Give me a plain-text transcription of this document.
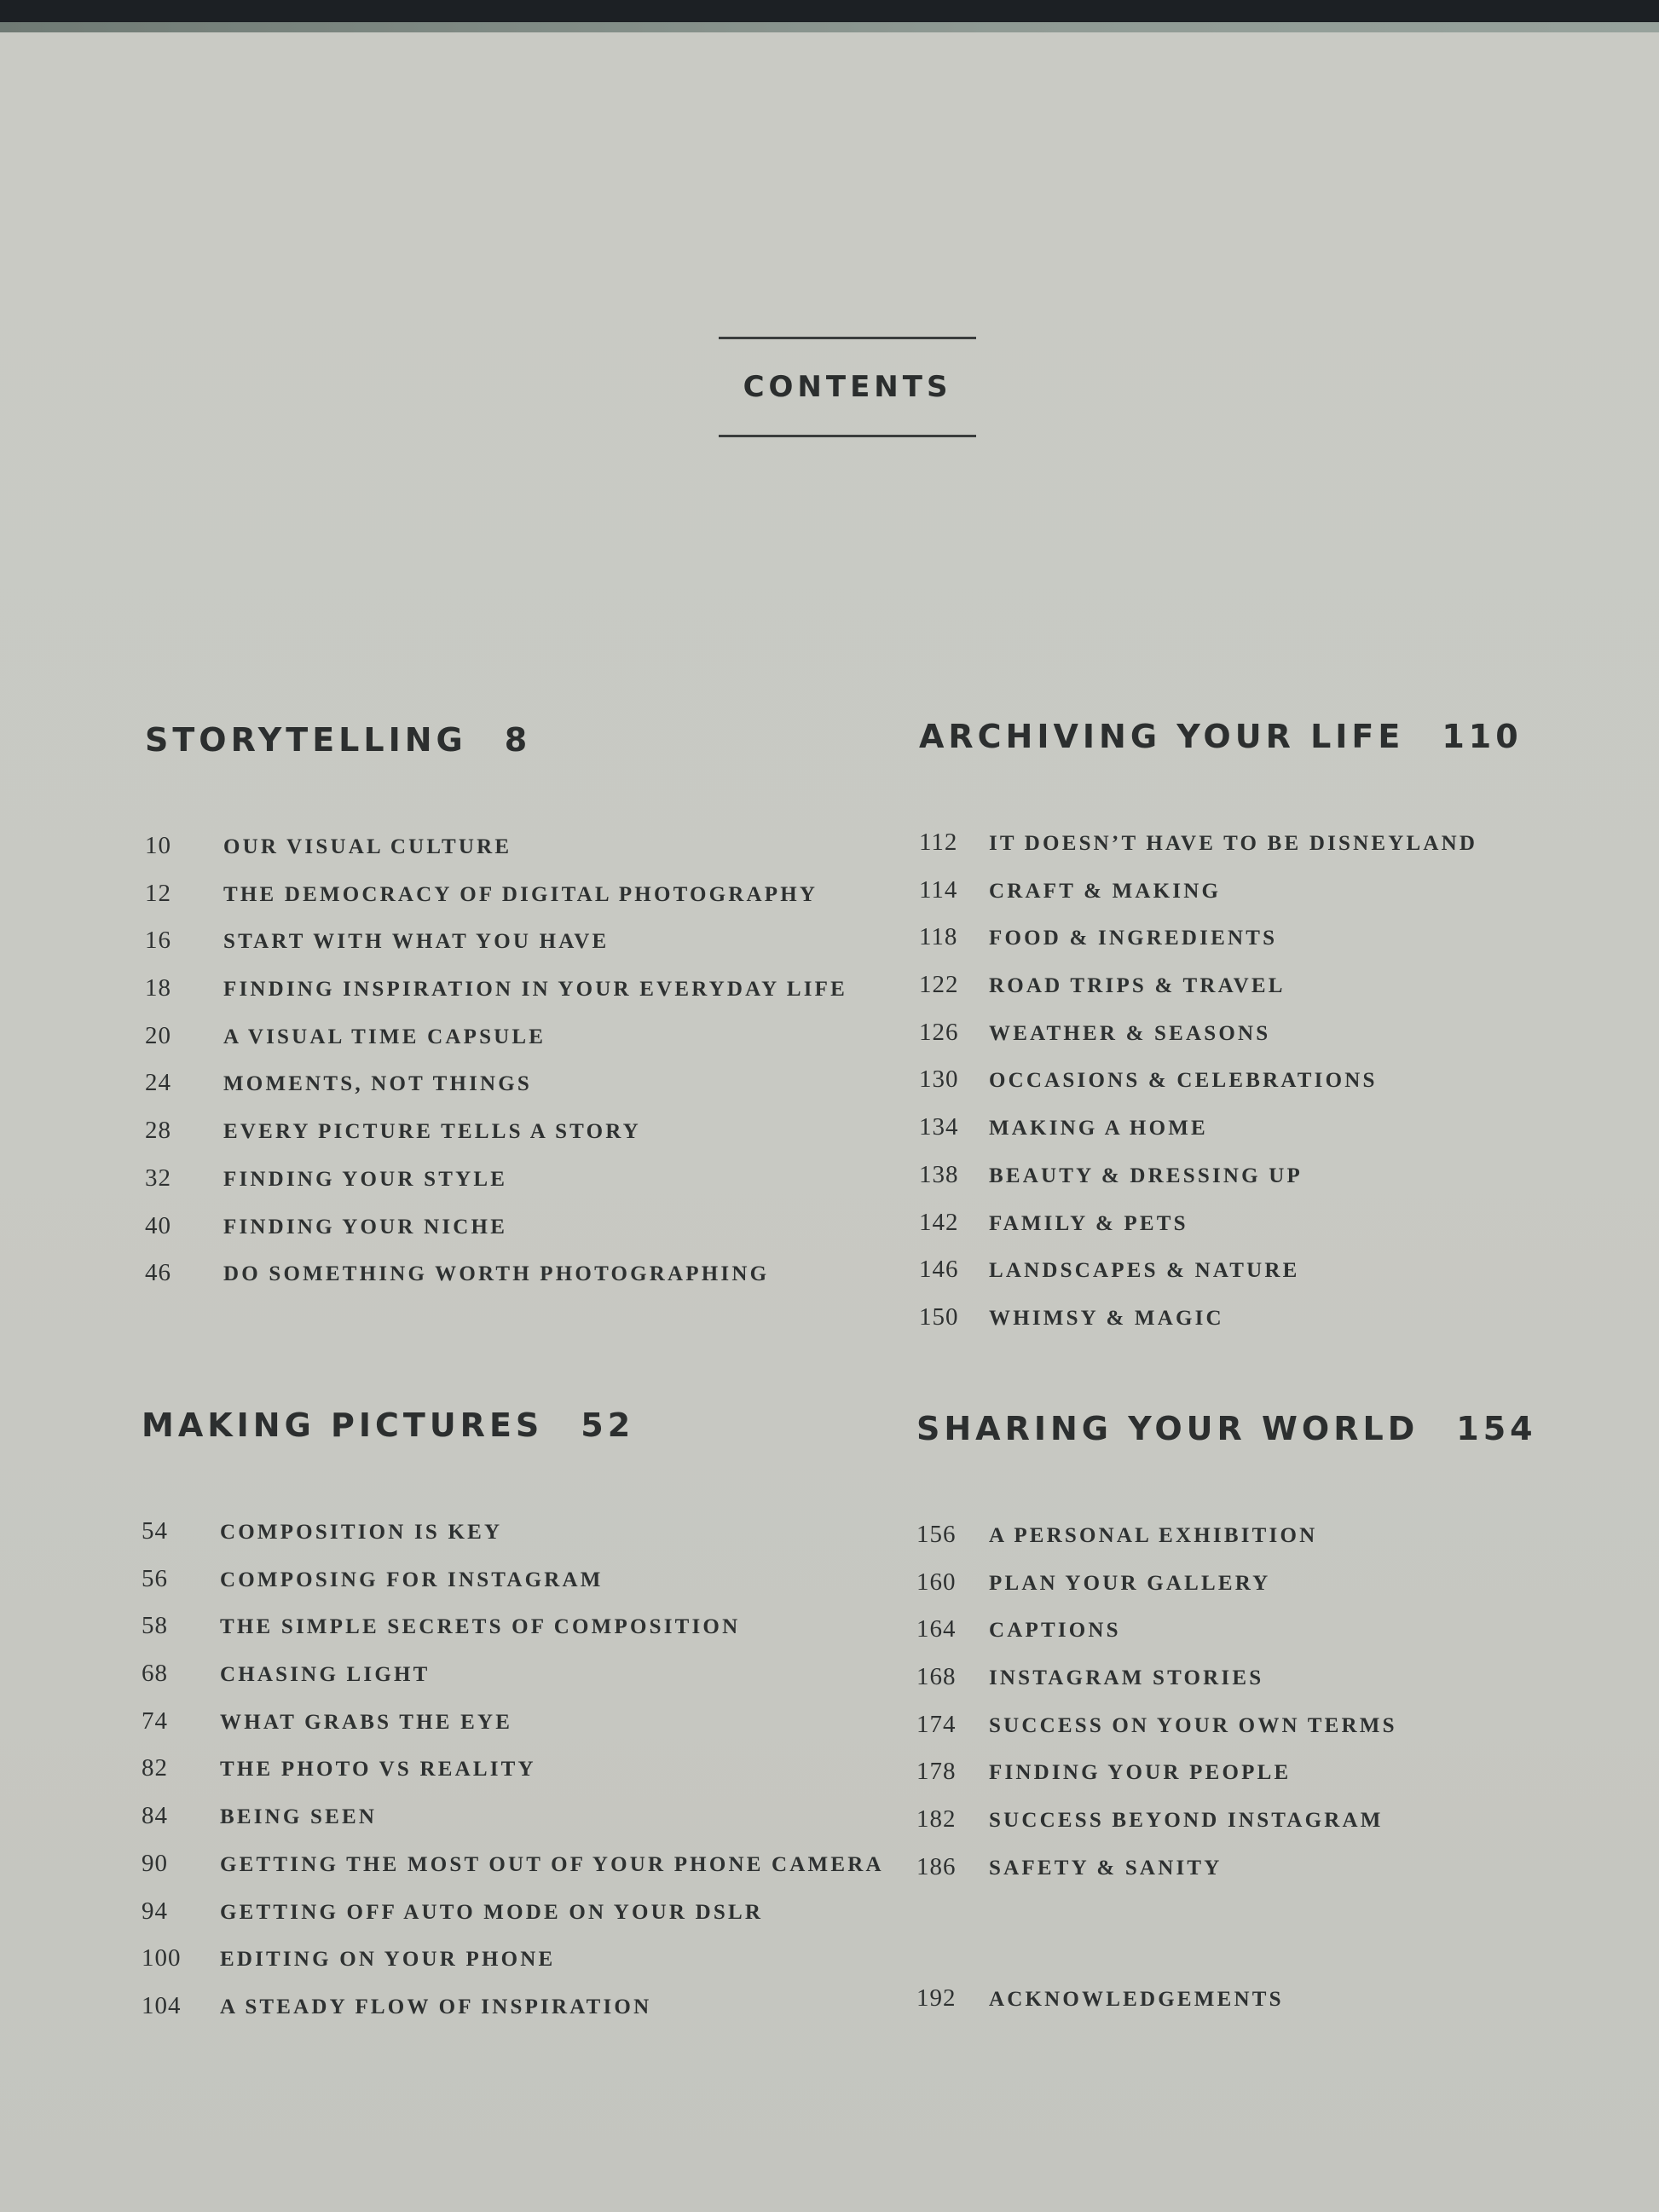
CONTENTS
STORYTELLING 8
10	OUR VISUAL CULTURE
12	THE DEMOCRACY OF DIGITAL PHOTOGRAPHY
16	START WITH WHAT YOU HAVE
18	FINDING INSPIRATION IN YOUR EVERYDAY LIFE
20	A VISUAL TIME CAPSULE
24	MOMENTS, NOT THINGS
28	EVERY PICTURE TELLS A STORY
32	FINDING YOUR STYLE
40	FINDING YOUR NICHE
46	DO SOMETHING WORTH PHOTOGRAPHING
ARCHIVING YOUR LIFE 110
112	IT DOESN’T HAVE TO BE DISNEYLAND
114	CRAFT & MAKING
118	FOOD & INGREDIENTS
122	ROAD TRIPS & TRAVEL
126	WEATHER & SEASONS
130	OCCASIONS & CELEBRATIONS
134	MAKING A HOME
138	BEAUTY & DRESSING UP
142	FAMILY & PETS
146	LANDSCAPES & NATURE
150	WHIMSY & MAGIC
MAKING PICTURES 52
54	COMPOSITION IS KEY
56	COMPOSING FOR INSTAGRAM
58	THE SIMPLE SECRETS OF COMPOSITION
68	CHASING LIGHT
74	WHAT GRABS THE EYE
82	THE PHOTO VS REALITY
84	BEING SEEN
90	GETTING THE MOST OUT OF YOUR PHONE CAMERA
94	GETTING OFF AUTO MODE ON YOUR DSLR
100	EDITING ON YOUR PHONE
104	A STEADY FLOW OF INSPIRATION
SHARING YOUR WORLD 154
156	A PERSONAL EXHIBITION
160	PLAN YOUR GALLERY
164	CAPTIONS
168	INSTAGRAM STORIES
174	SUCCESS ON YOUR OWN TERMS
178	FINDING YOUR PEOPLE
182	SUCCESS BEYOND INSTAGRAM
186	SAFETY & SANITY
192	ACKNOWLEDGEMENTS
